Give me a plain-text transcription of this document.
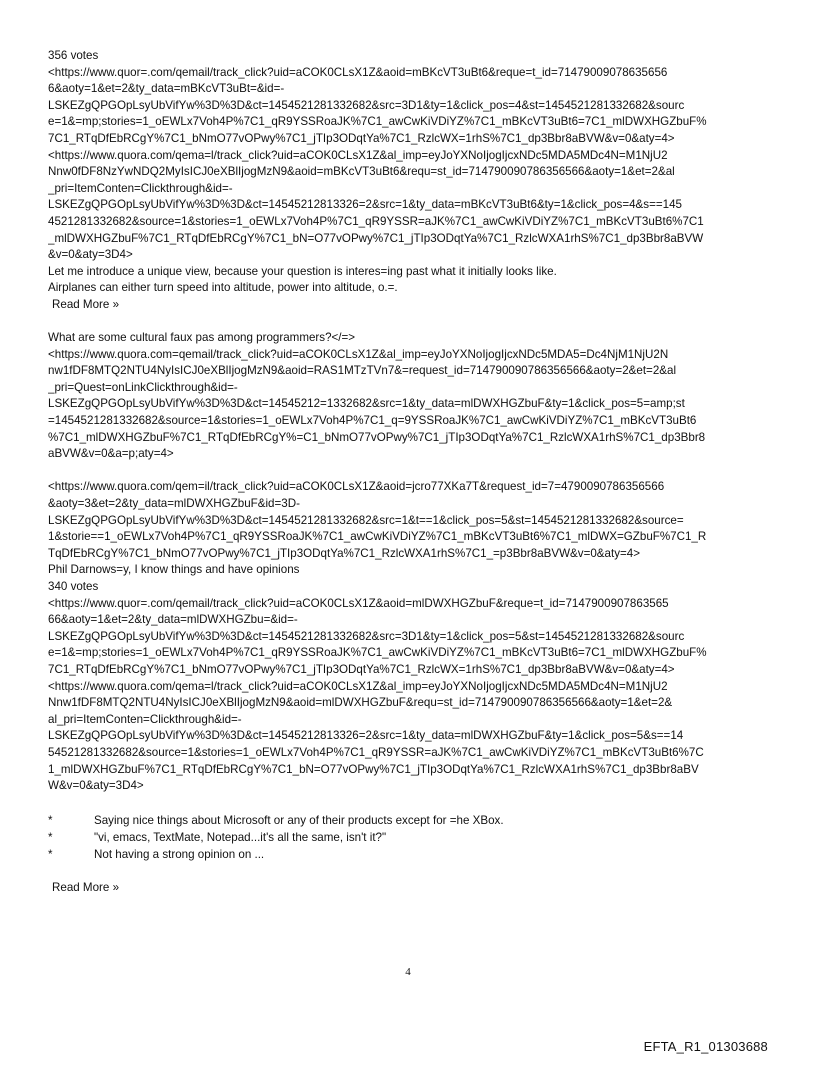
356 votes
<https://www.quor=.com/qemail/track_click?uid=aCOK0CLsX1Z&aoid=mBKcVT3uBt6&reque=t_id=71479009078635656
6&aoty=1&et=2&ty_data=mBKcVT3uBt=&id=-
LSKEZgQPGOpLsyUbVifYw%3D%3D&ct=1454521281332682&src=3D1&ty=1&click_pos=4&st=1454521281332682&sourc
e=1&=mp;stories=1_oEWLx7Voh4P%7C1_qR9YSSRoaJK%7C1_awCwKiVDiYZ%7C1_mBKcVT3uBt6=7C1_mlDWXHGZbuF%
7C1_RTqDfEbRCgY%7C1_bNmO77vOPwy%7C1_jTIp3ODqtYa%7C1_RzlcWX=1rhS%7C1_dp3Bbr8aBVW&v=0&aty=4>
<https://www.quora.com/qema=l/track_click?uid=aCOK0CLsX1Z&al_imp=eyJoYXNoIjogIjcxNDc5MDA5MDc4N=M1NjU2
Nnw0fDF8NzYwNDQ2MyIsICJ0eXBlIjogMzN9&aoid=mBKcVT3uBt6&requ=st_id=714790090786356566&aoty=1&et=2&al
_pri=ItemConten=Clickthrough&id=-
LSKEZgQPGOpLsyUbVifYw%3D%3D&ct=14545212813326=2&src=1&ty_data=mBKcVT3uBt6&ty=1&click_pos=4&s==145
4521281332682&source=1&stories=1_oEWLx7Voh4P%7C1_qR9YSSR=aJK%7C1_awCwKiVDiYZ%7C1_mBKcVT3uBt6%7C1
_mlDWXHGZbuF%7C1_RTqDfEbRCgY%7C1_bN=O77vOPwy%7C1_jTIp3ODqtYa%7C1_RzlcWXA1rhS%7C1_dp3Bbr8aBVW
&v=0&aty=3D4>
Let me introduce a unique view, because your question is interes=ing past what it initially looks like.
Airplanes can either turn speed into altitude, power into altitude, o.=.
Read More »
What are some cultural faux pas among programmers?</=>
<https://www.quora.com=qemail/track_click?uid=aCOK0CLsX1Z&al_imp=eyJoYXNoIjogIjcxNDc5MDA5=Dc4NjM1NjU2N
nw1fDF8MTQ2NTU4NyIsICJ0eXBlIjogMzN9&aoid=RAS1MTzTVn7&=request_id=714790090786356566&aoty=2&et=2&al
_pri=Quest=onLinkClickthrough&id=-
LSKEZgQPGOpLsyUbVifYw%3D%3D&ct=14545212=1332682&src=1&ty_data=mlDWXHGZbuF&ty=1&click_pos=5=amp;st
=1454521281332682&source=1&stories=1_oEWLx7Voh4P%7C1_q=9YSSRoaJK%7C1_awCwKiVDiYZ%7C1_mBKcVT3uBt6
%7C1_mlDWXHGZbuF%7C1_RTqDfEbRCgY%=C1_bNmO77vOPwy%7C1_jTIp3ODqtYa%7C1_RzlcWXA1rhS%7C1_dp3Bbr8
aBVW&v=0&a=p;aty=4>
<https://www.quora.com/qem=il/track_click?uid=aCOK0CLsX1Z&aoid=jcro77XKa7T&request_id=7=4790090786356566
&aoty=3&et=2&ty_data=mlDWXHGZbuF&id=3D-
LSKEZgQPGOpLsyUbVifYw%3D%3D&ct=1454521281332682&src=1&t==1&click_pos=5&st=1454521281332682&source=
1&storie==1_oEWLx7Voh4P%7C1_qR9YSSRoaJK%7C1_awCwKiVDiYZ%7C1_mBKcVT3uBt6%7C1_mlDWX=GZbuF%7C1_R
TqDfEbRCgY%7C1_bNmO77vOPwy%7C1_jTIp3ODqtYa%7C1_RzlcWXA1rhS%7C1_=p3Bbr8aBVW&v=0&aty=4>
Phil Darnows=y, I know things and have opinions
340 votes
<https://www.quor=.com/qemail/track_click?uid=aCOK0CLsX1Z&aoid=mlDWXHGZbuF&reque=t_id=7147900907863565
66&aoty=1&et=2&ty_data=mlDWXHGZbu=&id=-
LSKEZgQPGOpLsyUbVifYw%3D%3D&ct=1454521281332682&src=3D1&ty=1&click_pos=5&st=1454521281332682&sourc
e=1&=mp;stories=1_oEWLx7Voh4P%7C1_qR9YSSRoaJK%7C1_awCwKiVDiYZ%7C1_mBKcVT3uBt6=7C1_mlDWXHGZbuF%
7C1_RTqDfEbRCgY%7C1_bNmO77vOPwy%7C1_jTIp3ODqtYa%7C1_RzlcWX=1rhS%7C1_dp3Bbr8aBVW&v=0&aty=4>
<https://www.quora.com/qema=l/track_click?uid=aCOK0CLsX1Z&al_imp=eyJoYXNoIjogIjcxNDc5MDA5MDc4N=M1NjU2
Nnw1fDF8MTQ2NTU4NyIsICJ0eXBlIjogMzN9&aoid=mlDWXHGZbuF&requ=st_id=714790090786356566&aoty=1&et=2&
al_pri=ItemConten=Clickthrough&id=-
LSKEZgQPGOpLsyUbVifYw%3D%3D&ct=14545212813326=2&src=1&ty_data=mlDWXHGZbuF&ty=1&click_pos=5&s==14
54521281332682&source=1&stories=1_oEWLx7Voh4P%7C1_qR9YSSR=aJK%7C1_awCwKiVDiYZ%7C1_mBKcVT3uBt6%7C
1_mlDWXHGZbuF%7C1_RTqDfEbRCgY%7C1_bN=O77vOPwy%7C1_jTIp3ODqtYa%7C1_RzlcWXA1rhS%7C1_dp3Bbr8aBV
W&v=0&aty=3D4>
*	Saying nice things about Microsoft or any of their products except for =he XBox.
*	"vi, emacs, TextMate, Notepad...it's all the same, isn't it?"
*	Not having a strong opinion on ...
Read More »
4
EFTA_R1_01303688
